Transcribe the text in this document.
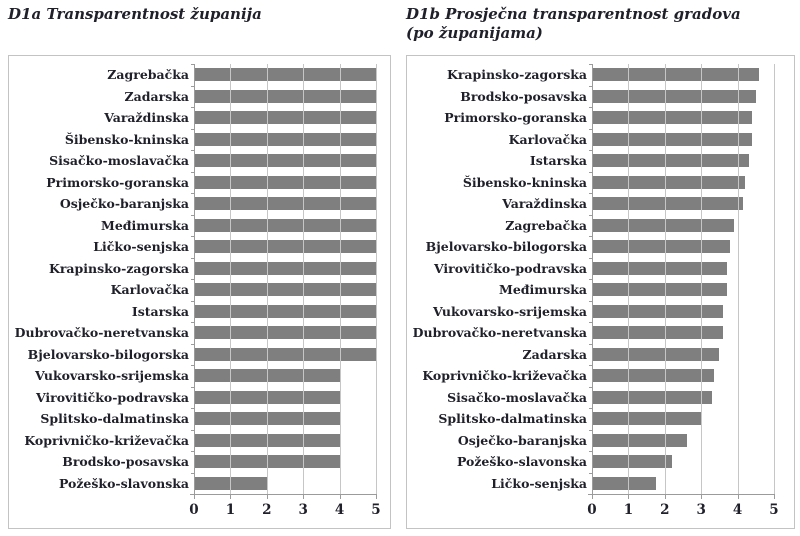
D1a Transparentnost županija	D1b Prosječna transparentnost gradova
(po županijama)
Zagrebačka
Zadarska
Varaždinska
Šibensko-kninska
Sisačko-moslavačka
Primorsko-goranska
Osječko-baranjska
Međimurska
Ličko-senjska
Krapinsko-zagorska
Karlovačka
Istarska
Dubrovačko-neretvanska
Bjelovarsko-bilogorska
Vukovarsko-srijemska
Virovitičko-podravska
Splitsko-dalmatinska
Koprivničko-križevačka
Brodsko-posavska
Požeško-slavonska
0 1 2 3 4 5
Krapinsko-zagorska
Brodsko-posavska
Primorsko-goranska
Karlovačka
Istarska
Šibensko-kninska
Varaždinska
Zagrebačka
Bjelovarsko-bilogorska
Virovitičko-podravska
Međimurska
Vukovarsko-srijemska
Dubrovačko-neretvanska
Zadarska
Koprivničko-križevačka
Sisačko-moslavačka
Splitsko-dalmatinska
Osječko-baranjska
Požeško-slavonska
Ličko-senjska
0 1 2 3 4 5
